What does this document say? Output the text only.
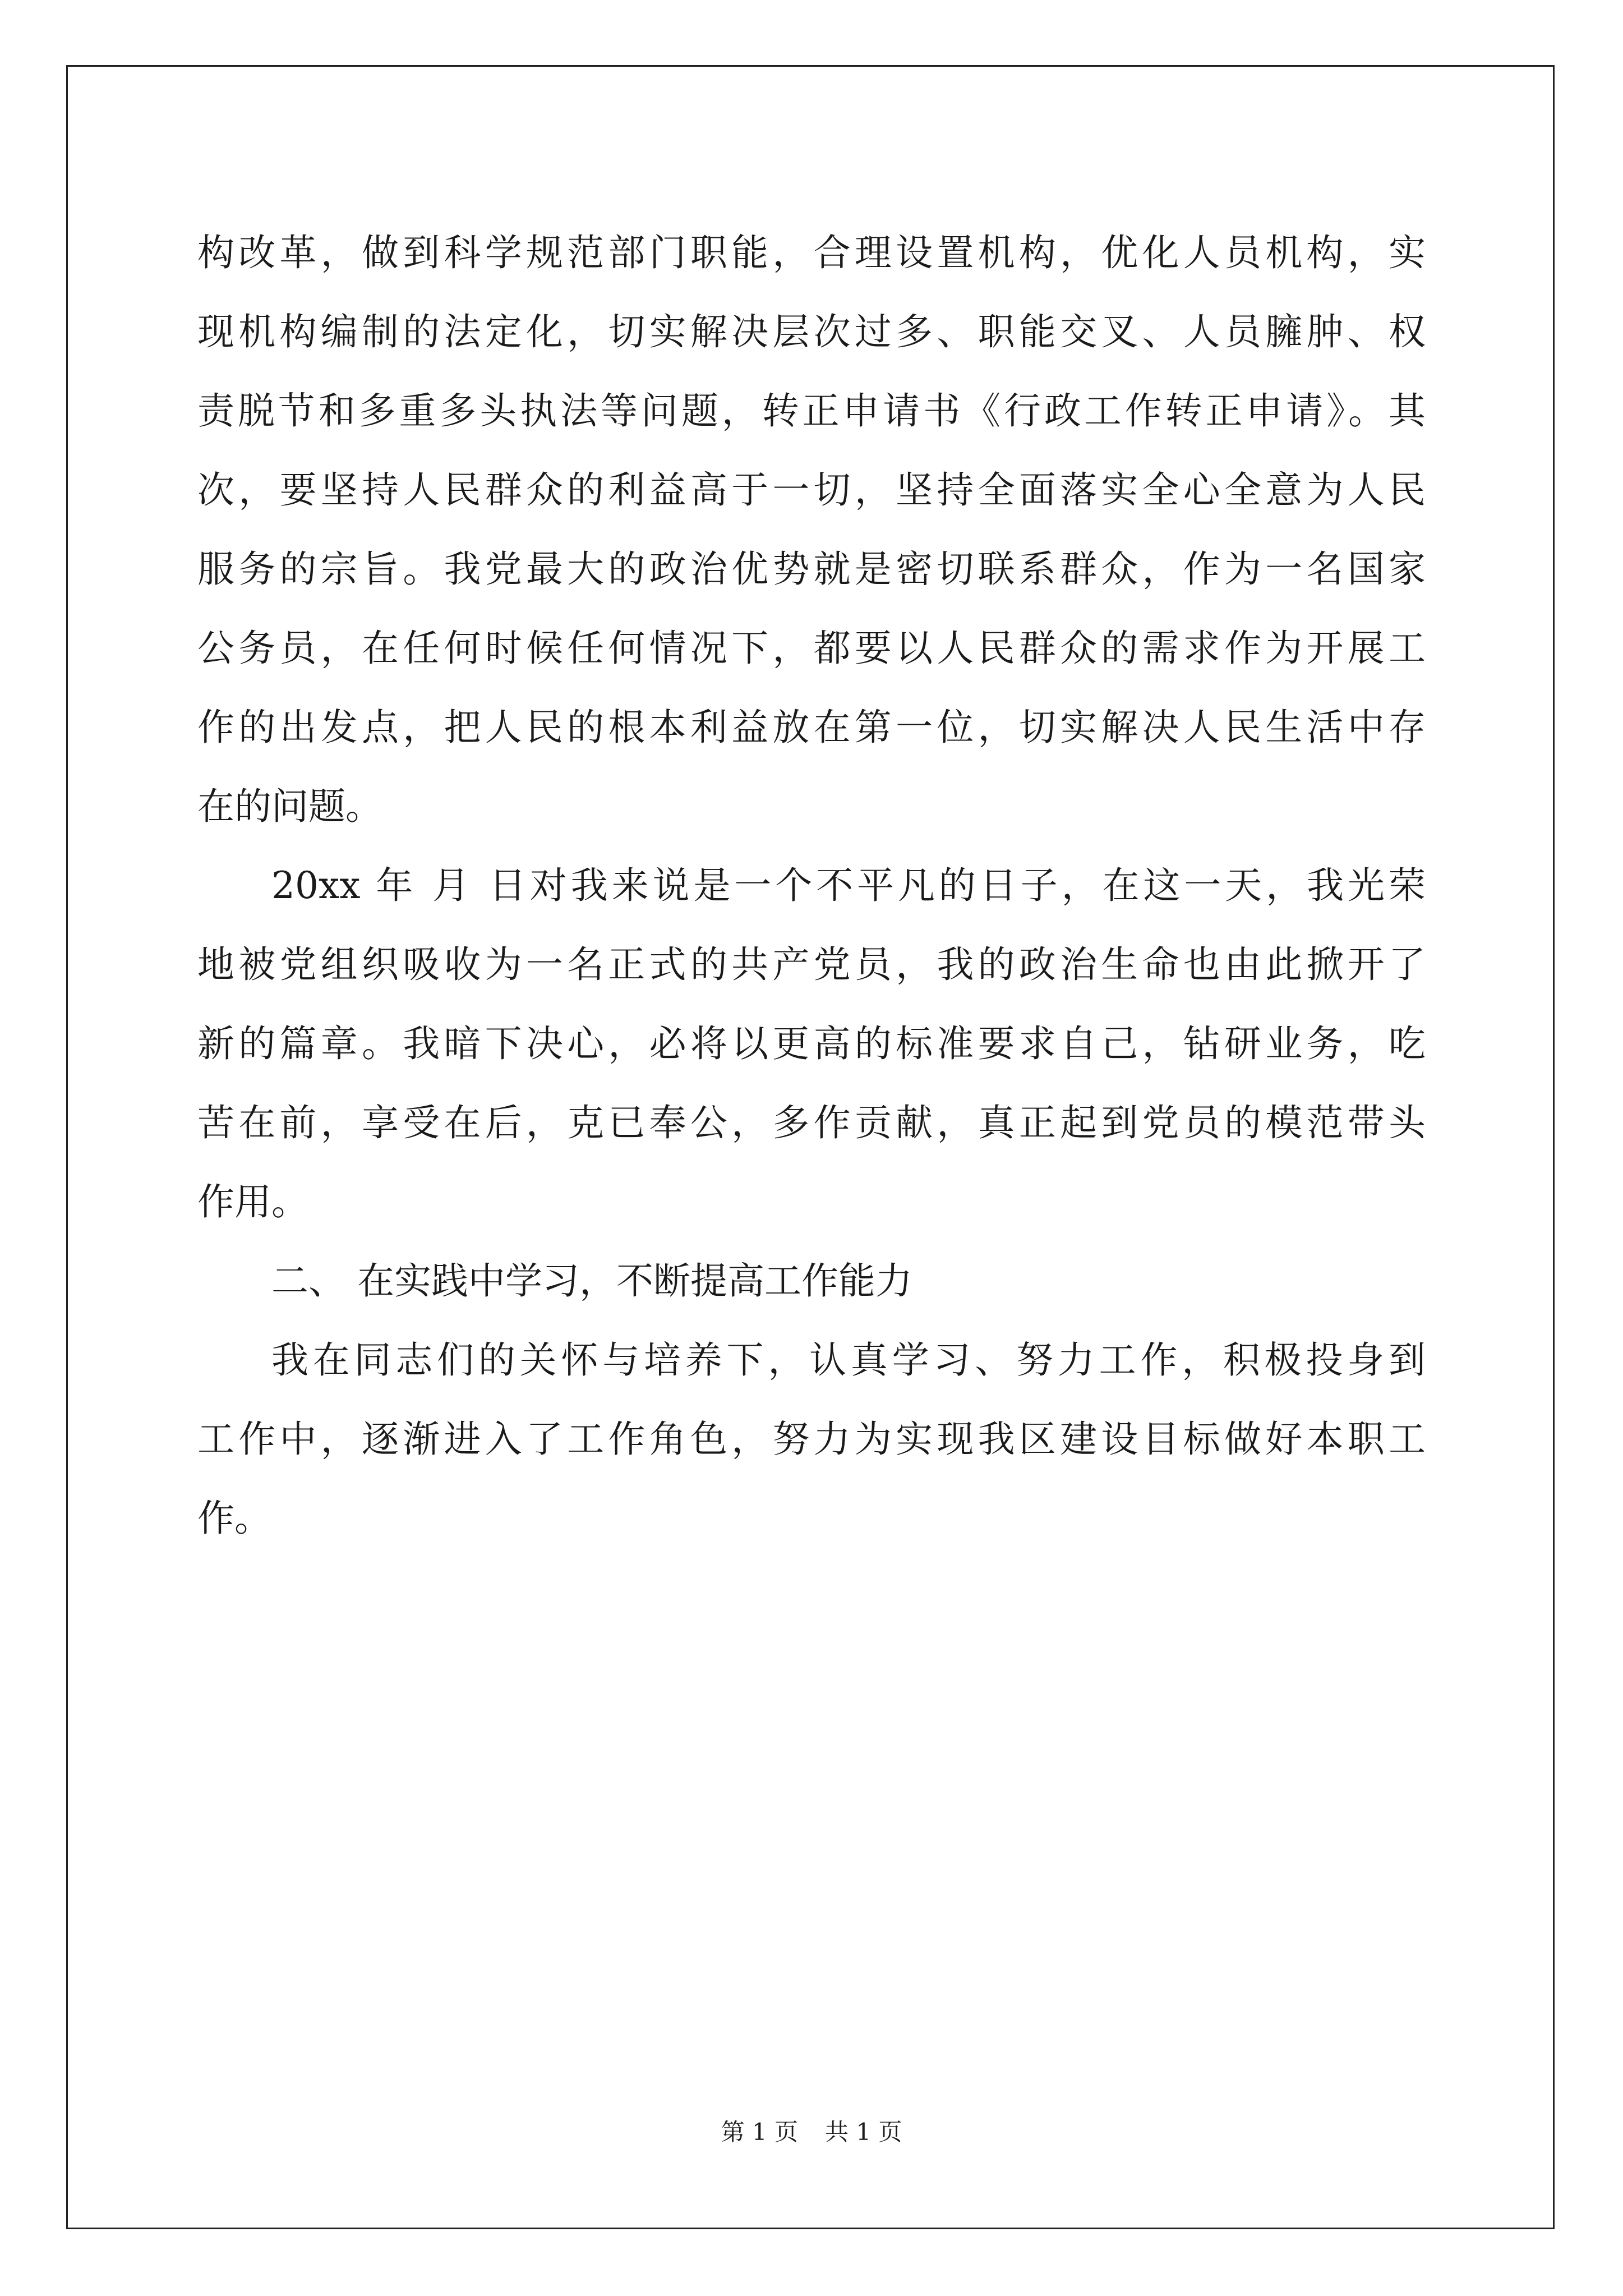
构改革，做到科学规范部门职能，合理设置机构，优化人员机构，实
现机构编制的法定化，切实解决层次过多、职能交叉、人员臃肿、权
责脱节和多重多头执法等问题，转正申请书《行政工作转正申请》。其
次，要坚持人民群众的利益高于一切，坚持全面落实全心全意为人民
服务的宗旨。我党最大的政治优势就是密切联系群众，作为一名国家
公务员，在任何时候任何情况下，都要以人民群众的需求作为开展工
作的出发点，把人民的根本利益放在第一位，切实解决人民生活中存
在的问题。
20xx 年 月 日对我来说是一个不平凡的日子，在这一天，我光荣
地被党组织吸收为一名正式的共产党员，我的政治生命也由此掀开了
新的篇章。我暗下决心，必将以更高的标准要求自己，钻研业务，吃
苦在前，享受在后，克已奉公，多作贡献，真正起到党员的模范带头
作用。
二、 在实践中学习，不断提高工作能力
我在同志们的关怀与培养下，认真学习、努力工作，积极投身到
工作中，逐渐进入了工作角色，努力为实现我区建设目标做好本职工
作。
第 1 页 共 1 页
